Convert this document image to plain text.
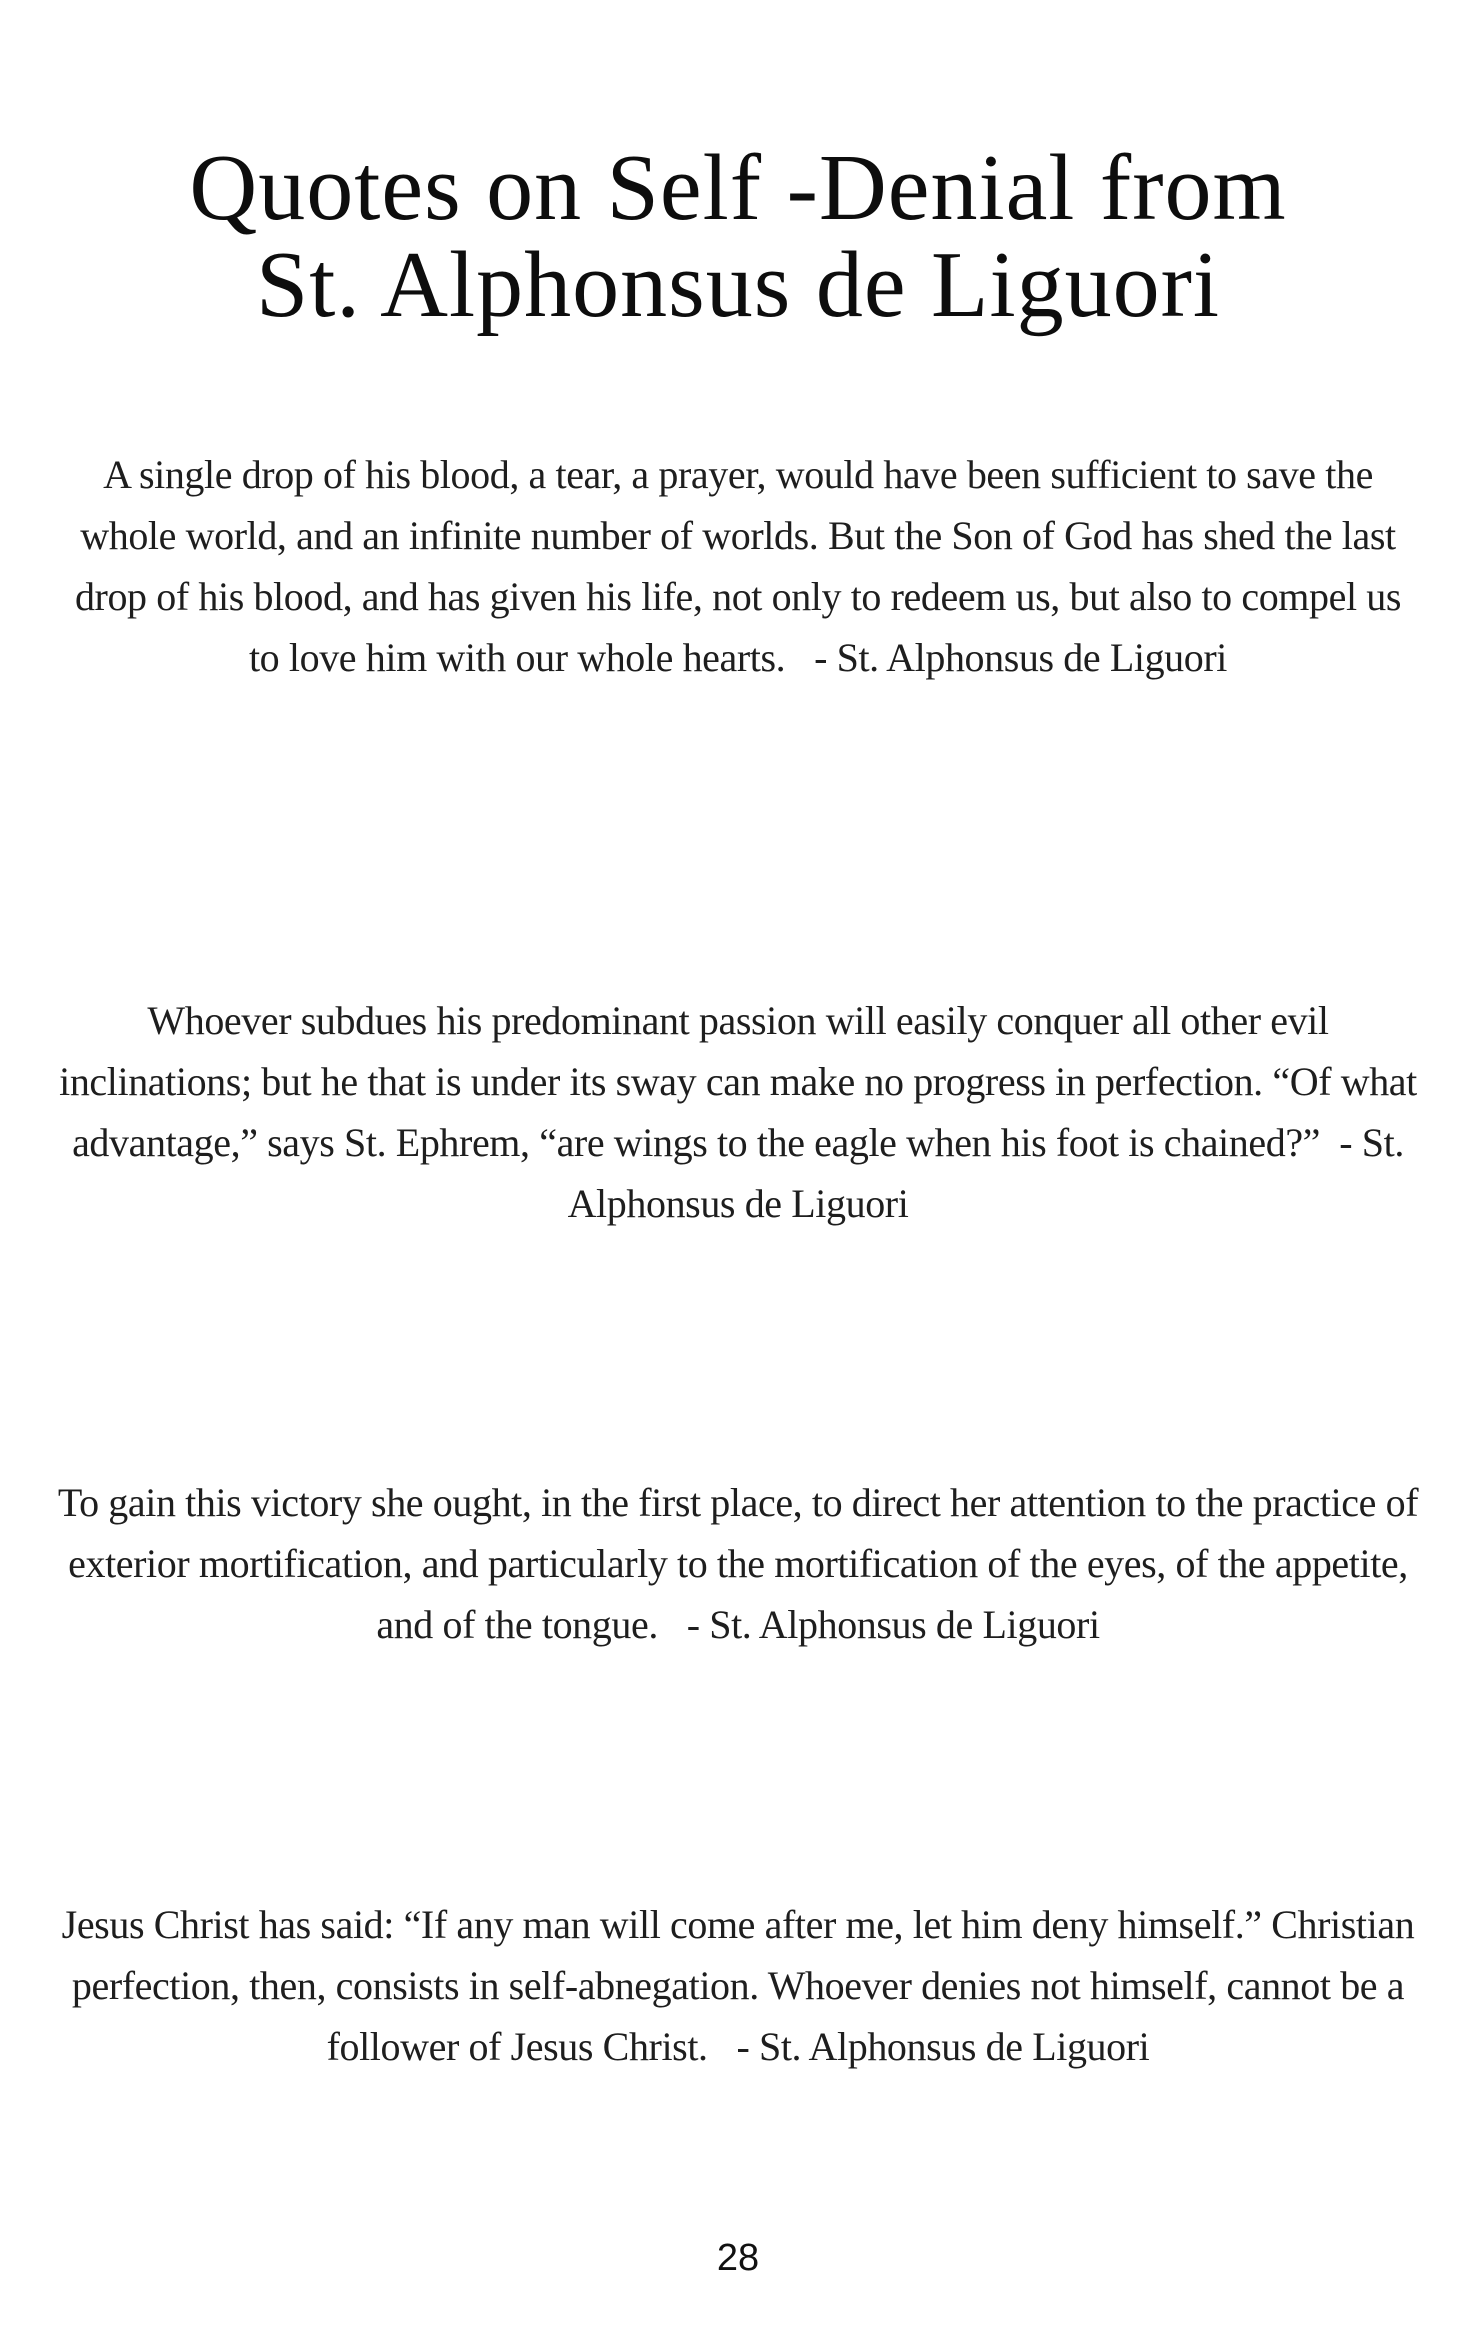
Quotes on Self -Denial from
St. Alphonsus de Liguori

A single drop of his blood, a tear, a prayer, would have been sufficient to save the whole world, and an infinite number of worlds. But the Son of God has shed the last drop of his blood, and has given his life, not only to redeem us, but also to compel us to love him with our whole hearts.   - St. Alphonsus de Liguori

Whoever subdues his predominant passion will easily conquer all other evil inclinations; but he that is under its sway can make no progress in perfection. “Of what advantage,” says St. Ephrem, “are wings to the eagle when his foot is chained?”  - St. Alphonsus de Liguori

To gain this victory she ought, in the first place, to direct her attention to the practice of exterior mortification, and particularly to the mortification of the eyes, of the appetite, and of the tongue.   - St. Alphonsus de Liguori

Jesus Christ has said: “If any man will come after me, let him deny himself.” Christian perfection, then, consists in self-abnegation. Whoever denies not himself, cannot be a follower of Jesus Christ.   - St. Alphonsus de Liguori

28
